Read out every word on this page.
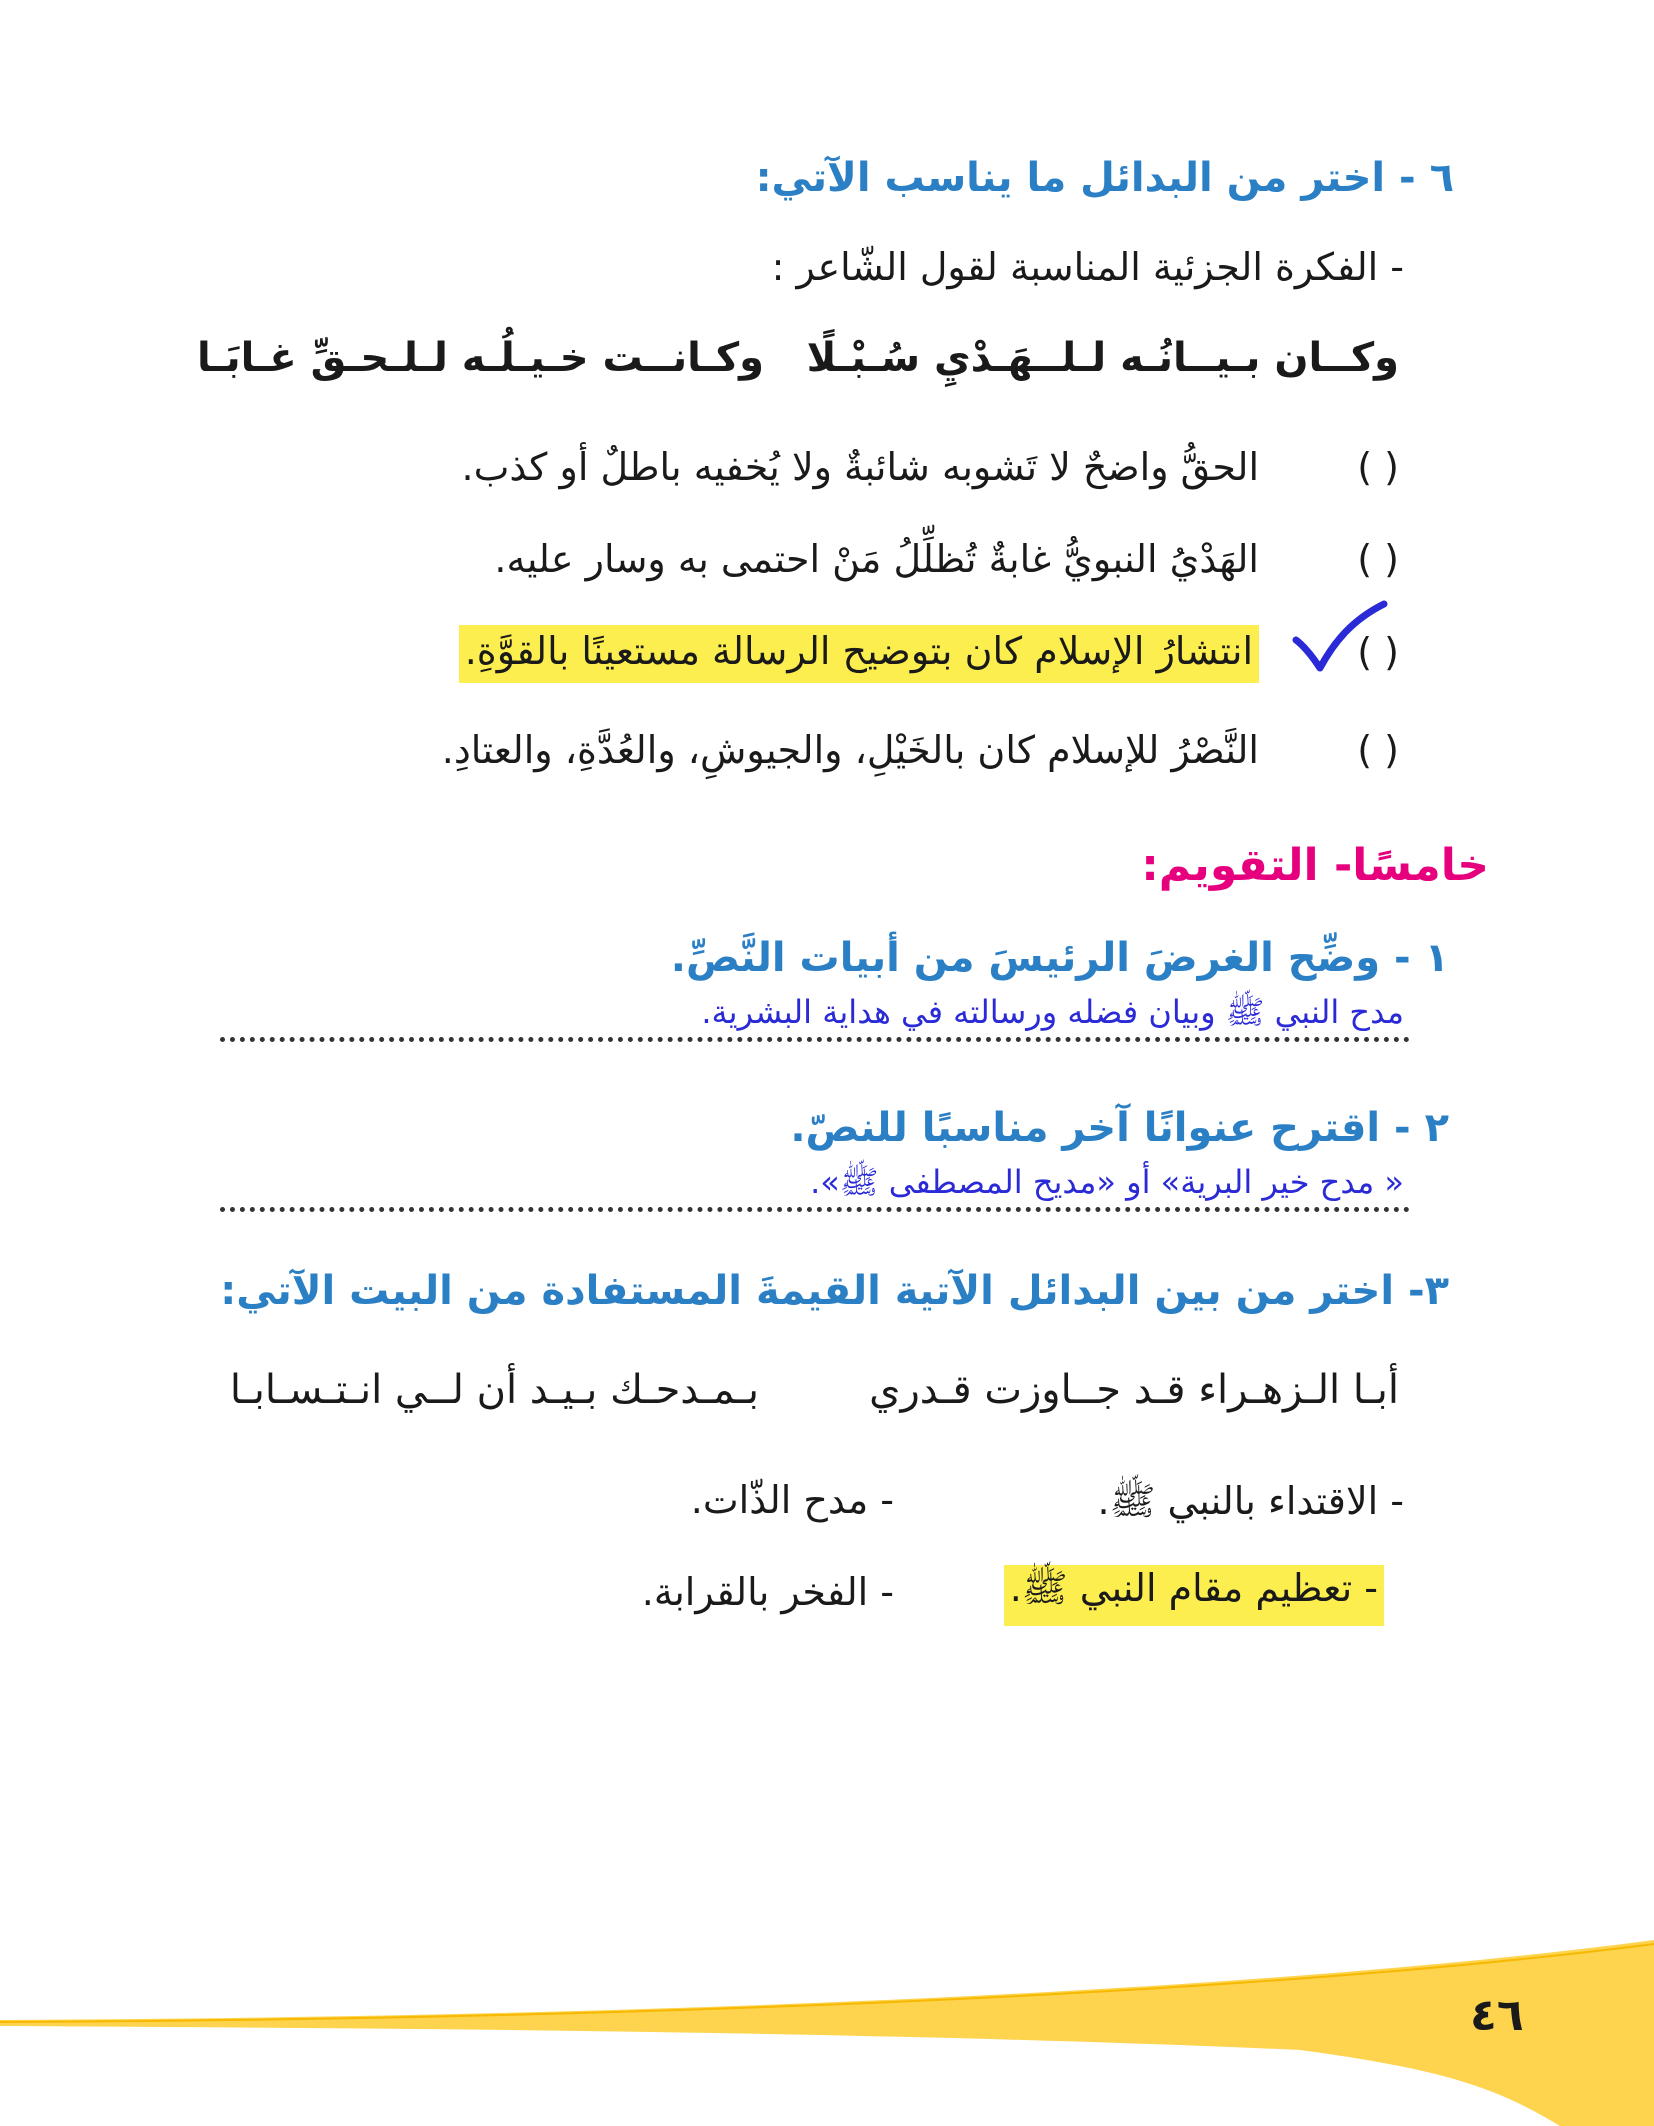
٦ - اختر من البدائل ما يناسب الآتي:
- الفكرة الجزئية المناسبة لقول الشّاعر :
وكــان بـيــانُـه لـلــهَـدْيِ سُـبْـلًا
وكـانــت خـيـلُـه لـلـحـقِّ غـابَـا
( )
الحقُّ واضحٌ لا تَشوبه شائبةٌ ولا يُخفيه باطلٌ أو كذب.
( )
الهَدْيُ النبويُّ غابةٌ تُظلِّلُ مَنْ احتمى به وسار عليه.
( )
انتشارُ الإسلام كان بتوضيح الرسالة مستعينًا بالقوَّةِ.
( )
النَّصْرُ للإسلام كان بالخَيْلِ، والجيوشِ، والعُدَّةِ، والعتادِ.
خامسًا- التقويم:
١ - وضِّح الغرضَ الرئيسَ من أبيات النَّصِّ.
مدح النبي ﷺ وبيان فضله ورسالته في هداية البشرية.
٢ - اقترح عنوانًا آخر مناسبًا للنصّ.
« مدح خير البرية» أو «مديح المصطفى ﷺ».
٣- اختر من بين البدائل الآتية القيمةَ المستفادة من البيت الآتي:
أبـا الـزهـراء قـد جــاوزت قـدري
بـمـدحـك بـيـد أن لــي انـتـسـابـا
- الاقتداء بالنبي ﷺ.
- مدح الذّات.
- تعظيم مقام النبي ﷺ.
- الفخر بالقرابة.
٤٦
